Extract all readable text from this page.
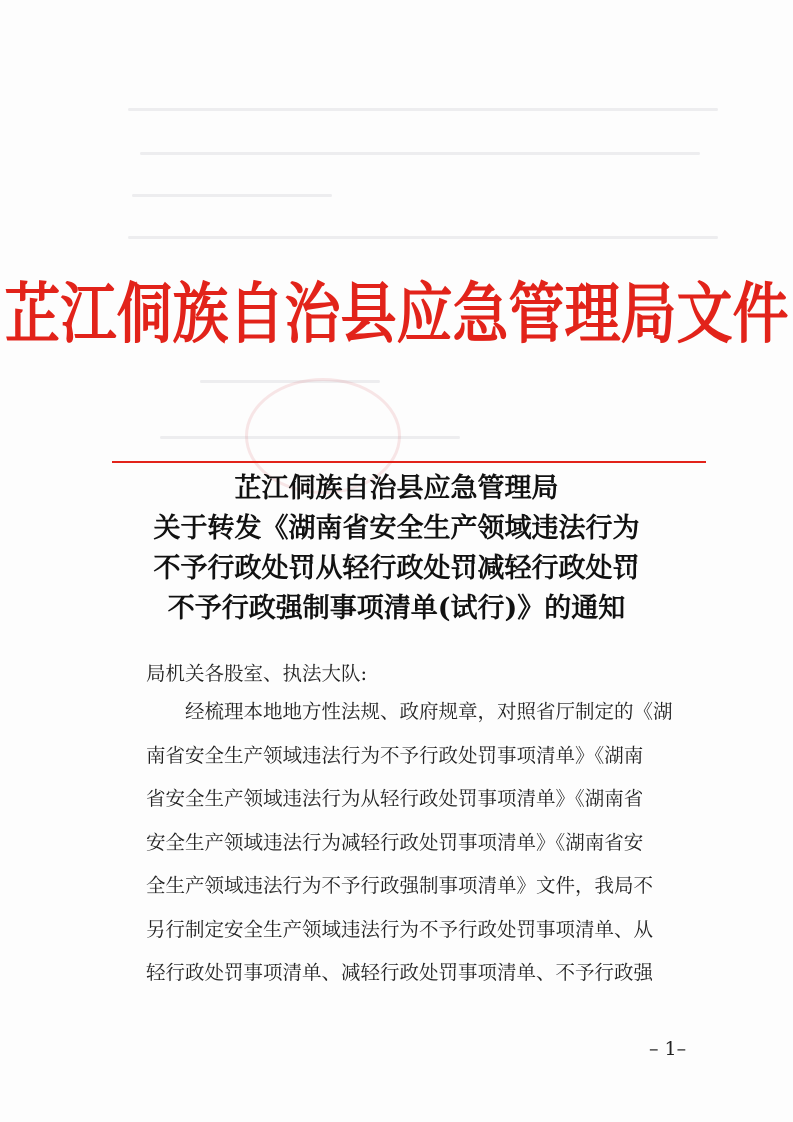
芷江侗族自治县应急管理局文件
芷江侗族自治县应急管理局
关于转发《湖南省安全生产领域违法行为
不予行政处罚从轻行政处罚减轻行政处罚
不予行政强制事项清单(试行)》的通知
局机关各股室、执法大队:
　　经梳理本地地方性法规、政府规章，对照省厅制定的《湖
南省安全生产领域违法行为不予行政处罚事项清单》《湖南
省安全生产领域违法行为从轻行政处罚事项清单》《湖南省
安全生产领域违法行为减轻行政处罚事项清单》《湖南省安
全生产领域违法行为不予行政强制事项清单》文件，我局不
另行制定安全生产领域违法行为不予行政处罚事项清单、从
轻行政处罚事项清单、减轻行政处罚事项清单、不予行政强
– 1–
